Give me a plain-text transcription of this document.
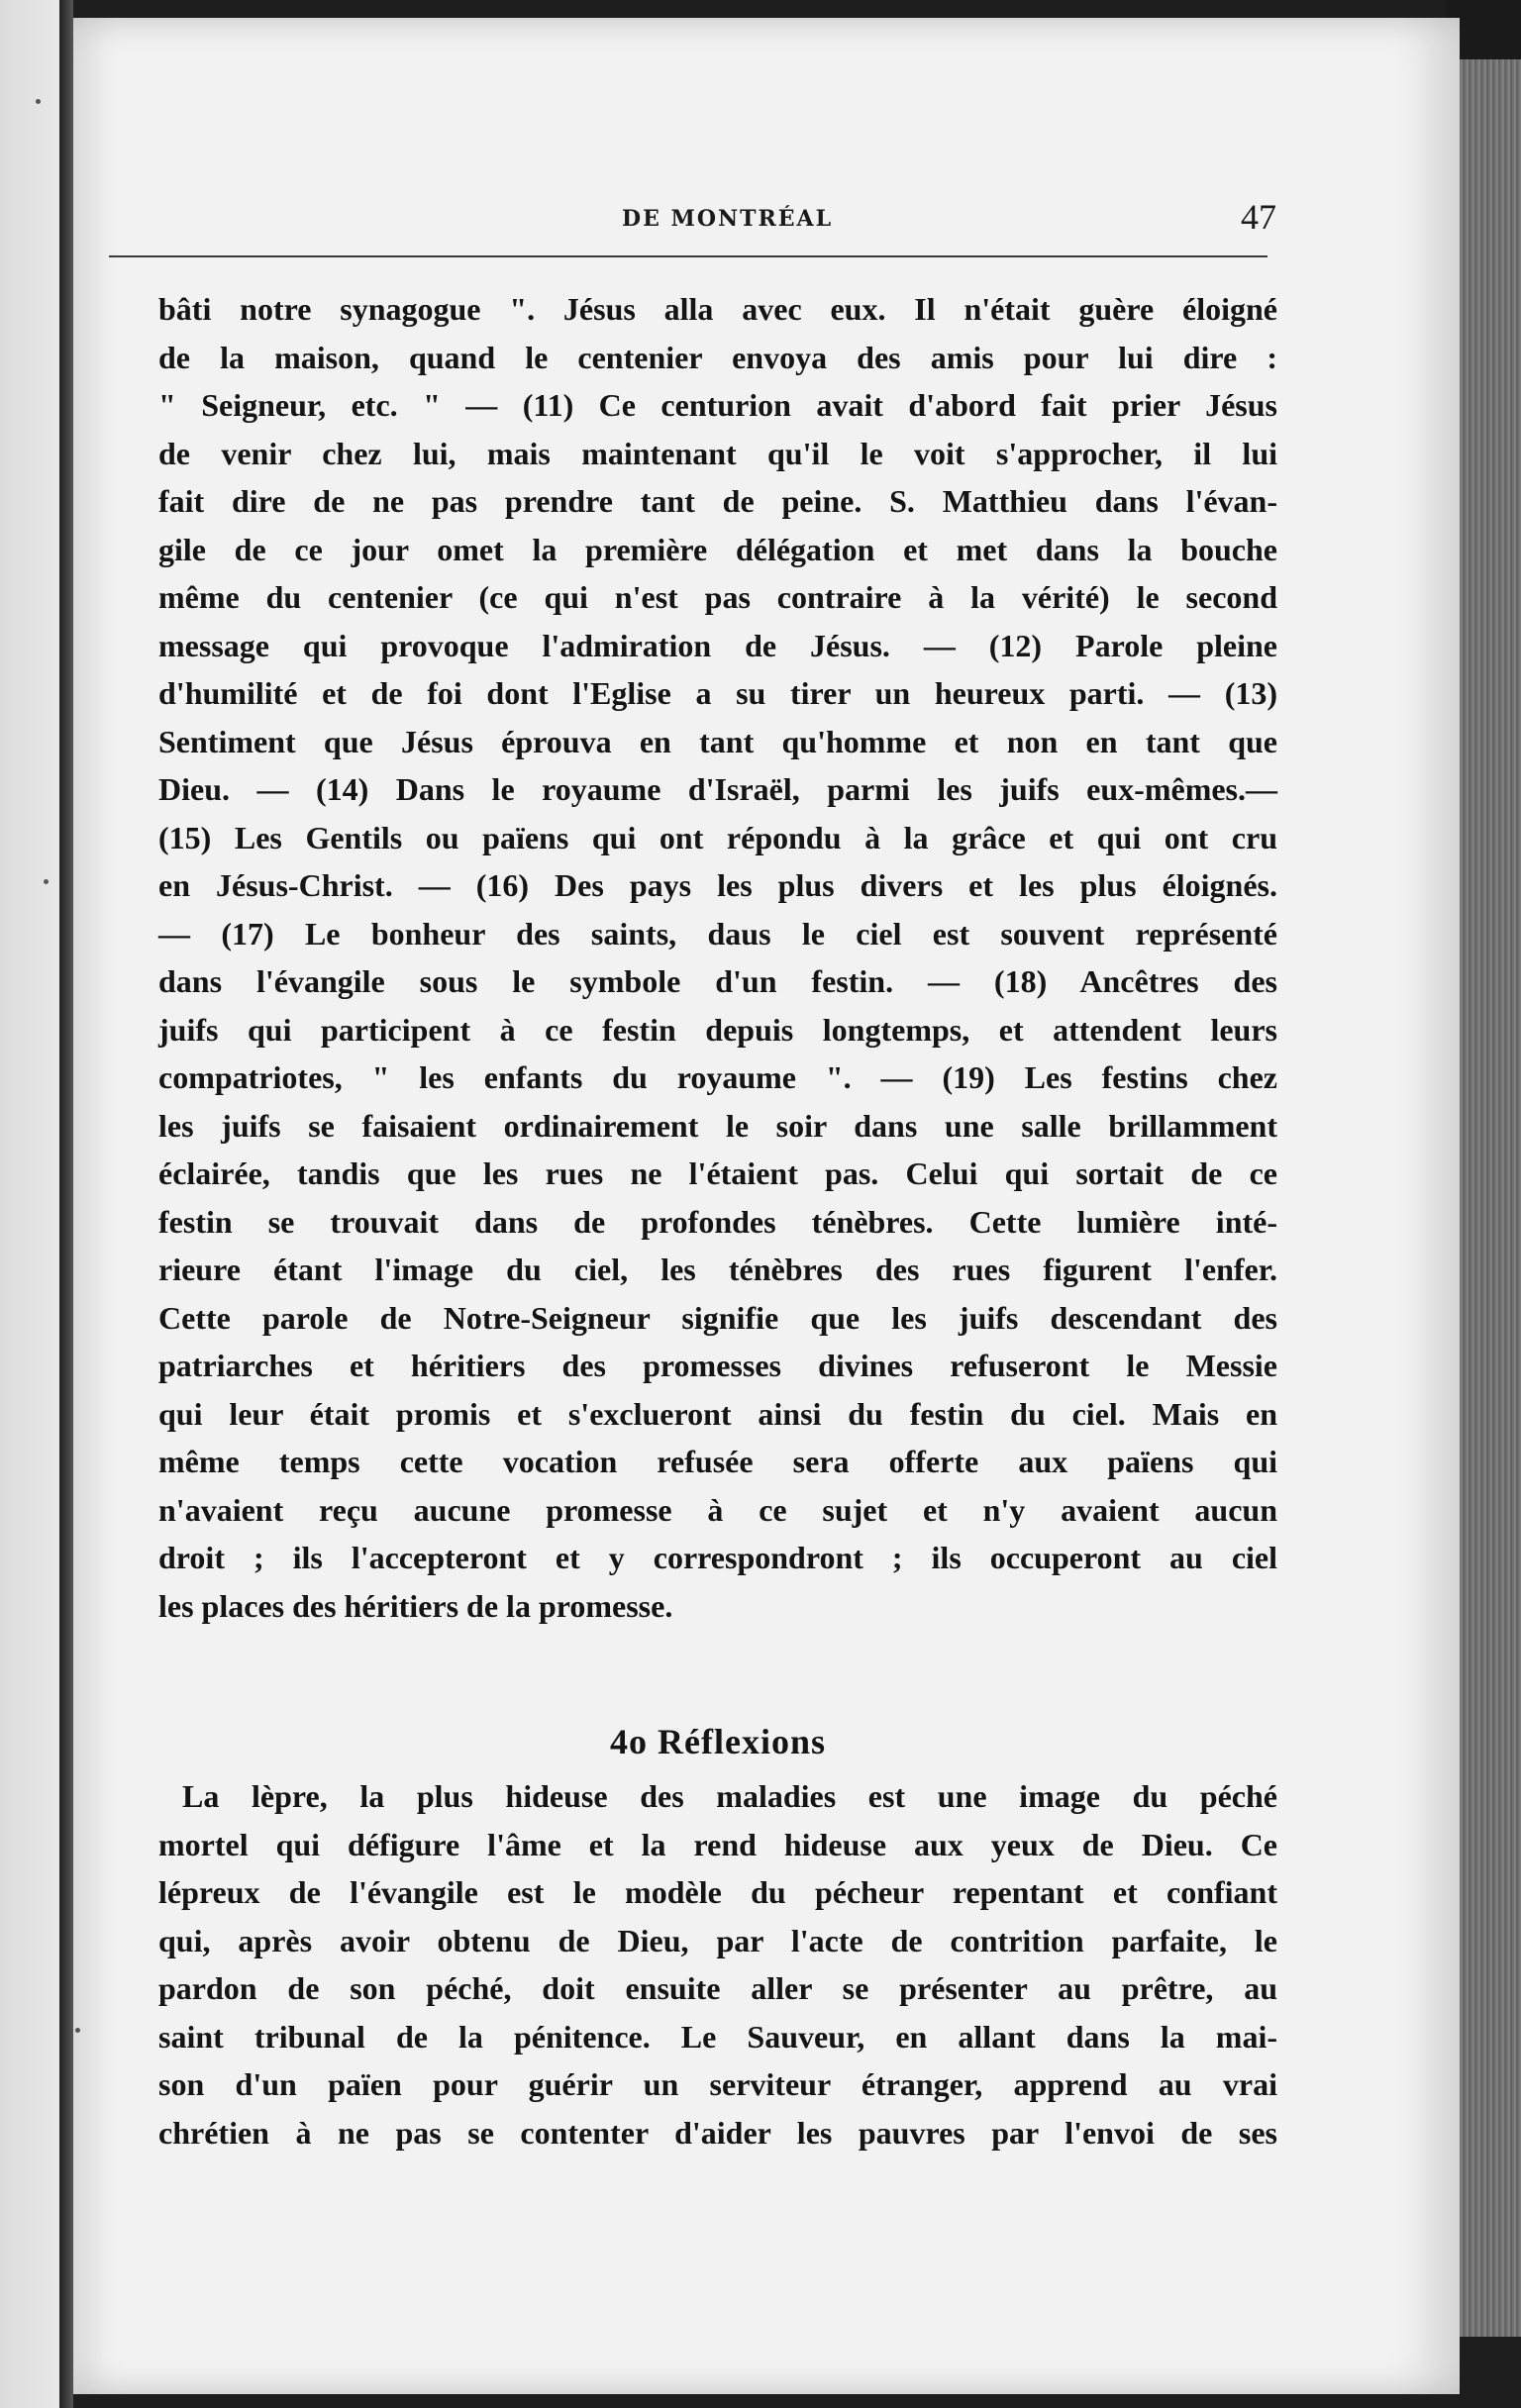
DE MONTRÉAL	47
bâti notre synagogue ". Jésus alla avec eux. Il n'était guère éloigné
de la maison, quand le centenier envoya des amis pour lui dire :
" Seigneur, etc. " — (11) Ce centurion avait d'abord fait prier Jésus
de venir chez lui, mais maintenant qu'il le voit s'approcher, il lui
fait dire de ne pas prendre tant de peine. S. Matthieu dans l'évan-
gile de ce jour omet la première délégation et met dans la bouche
même du centenier (ce qui n'est pas contraire à la vérité) le second
message qui provoque l'admiration de Jésus. — (12) Parole pleine
d'humilité et de foi dont l'Eglise a su tirer un heureux parti. — (13)
Sentiment que Jésus éprouva en tant qu'homme et non en tant que
Dieu. — (14) Dans le royaume d'Israël, parmi les juifs eux-mêmes.—
(15) Les Gentils ou païens qui ont répondu à la grâce et qui ont cru
en Jésus-Christ. — (16) Des pays les plus divers et les plus éloignés.
— (17) Le bonheur des saints, daus le ciel est souvent représenté
dans l'évangile sous le symbole d'un festin. — (18) Ancêtres des
juifs qui participent à ce festin depuis longtemps, et attendent leurs
compatriotes, " les enfants du royaume ". — (19) Les festins chez
les juifs se faisaient ordinairement le soir dans une salle brillamment
éclairée, tandis que les rues ne l'étaient pas. Celui qui sortait de ce
festin se trouvait dans de profondes ténèbres. Cette lumière inté-
rieure étant l'image du ciel, les ténèbres des rues figurent l'enfer.
Cette parole de Notre-Seigneur signifie que les juifs descendant des
patriarches et héritiers des promesses divines refuseront le Messie
qui leur était promis et s'exclueront ainsi du festin du ciel. Mais en
même temps cette vocation refusée sera offerte aux païens qui
n'avaient reçu aucune promesse à ce sujet et n'y avaient aucun
droit ; ils l'accepteront et y correspondront ; ils occuperont au ciel
les places des héritiers de la promesse.
4o Réflexions
La lèpre, la plus hideuse des maladies est une image du péché
mortel qui défigure l'âme et la rend hideuse aux yeux de Dieu. Ce
lépreux de l'évangile est le modèle du pécheur repentant et confiant
qui, après avoir obtenu de Dieu, par l'acte de contrition parfaite, le
pardon de son péché, doit ensuite aller se présenter au prêtre, au
saint tribunal de la pénitence. Le Sauveur, en allant dans la mai-
son d'un païen pour guérir un serviteur étranger, apprend au vrai
chrétien à ne pas se contenter d'aider les pauvres par l'envoi de ses
